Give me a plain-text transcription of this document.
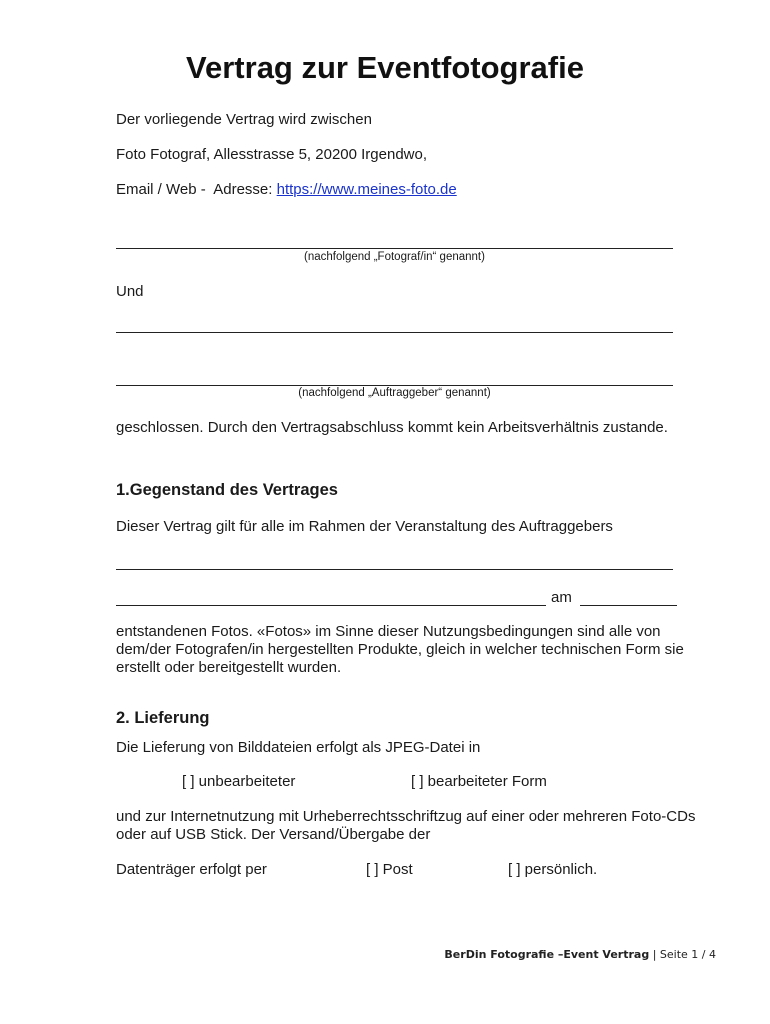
Vertrag zur Eventfotografie
Der vorliegende Vertrag wird zwischen
Foto Fotograf, Allesstrasse 5, 20200 Irgendwo,
Email / Web -  Adresse: https://www.meines-foto.de
(nachfolgend „Fotograf/in“ genannt)
Und
(nachfolgend „Auftraggeber“ genannt)
geschlossen. Durch den Vertragsabschluss kommt kein Arbeitsverhältnis zustande.
1.Gegenstand des Vertrages
Dieser Vertrag gilt für alle im Rahmen der Veranstaltung des Auftraggebers
am
entstandenen Fotos. «Fotos» im Sinne dieser Nutzungsbedingungen sind alle von dem/der Fotografen/in hergestellten Produkte, gleich in welcher technischen Form sie erstellt oder bereitgestellt wurden.
2. Lieferung
Die Lieferung von Bilddateien erfolgt als JPEG-Datei in
[ ] unbearbeiteter	[ ] bearbeiteter Form
und zur Internetnutzung mit Urheberrechtsschriftzug auf einer oder mehreren Foto-CDs oder auf USB Stick. Der Versand/Übergabe der
Datenträger erfolgt per	[ ] Post	[ ] persönlich.
BerDin Fotografie –Event Vertrag | Seite 1 / 4
